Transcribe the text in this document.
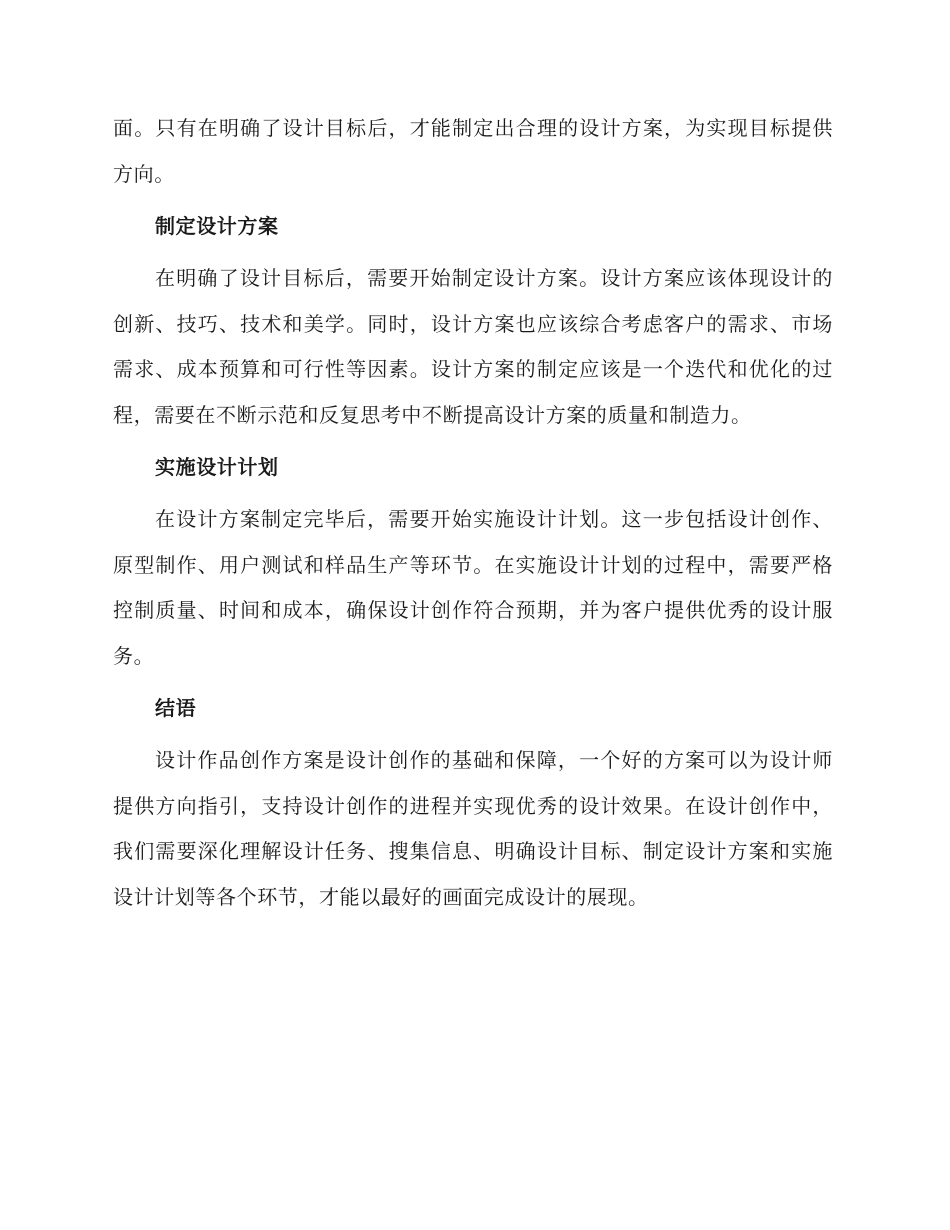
面。只有在明确了设计目标后，才能制定出合理的设计方案，为实现目标提供方向。

制定设计方案

在明确了设计目标后，需要开始制定设计方案。设计方案应该体现设计的创新、技巧、技术和美学。同时，设计方案也应该综合考虑客户的需求、市场需求、成本预算和可行性等因素。设计方案的制定应该是一个迭代和优化的过程，需要在不断示范和反复思考中不断提高设计方案的质量和制造力。

实施设计计划

在设计方案制定完毕后，需要开始实施设计计划。这一步包括设计创作、原型制作、用户测试和样品生产等环节。在实施设计计划的过程中，需要严格控制质量、时间和成本，确保设计创作符合预期，并为客户提供优秀的设计服务。

结语

设计作品创作方案是设计创作的基础和保障，一个好的方案可以为设计师提供方向指引，支持设计创作的进程并实现优秀的设计效果。在设计创作中，我们需要深化理解设计任务、搜集信息、明确设计目标、制定设计方案和实施设计计划等各个环节，才能以最好的画面完成设计的展现。
